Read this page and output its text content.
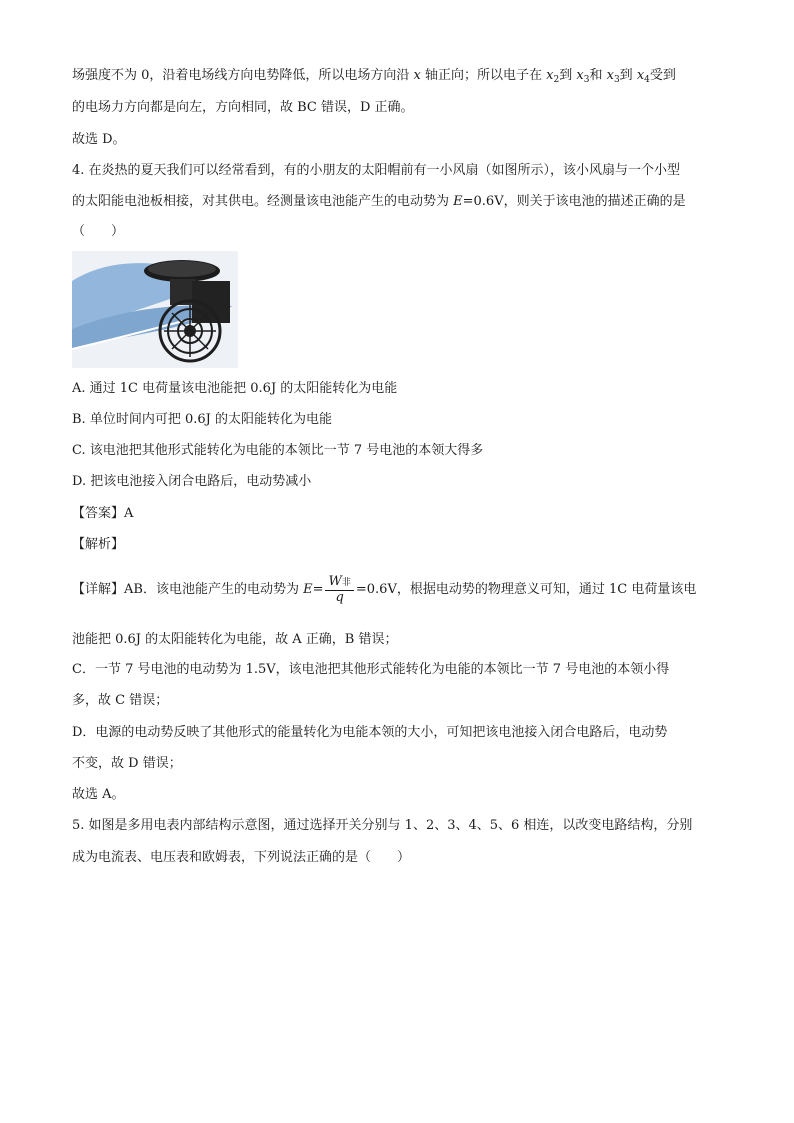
场强度不为 0，沿着电场线方向电势降低，所以电场方向沿 x 轴正向；所以电子在 $x_2$到 $x_3$和 $x_3$到 $x_4$受到
的电场力方向都是向左，方向相同，故 BC 错误，D 正确。
故选 D。
4. 在炎热的夏天我们可以经常看到，有的小朋友的太阳帽前有一小风扇（如图所示），该小风扇与一个小型
的太阳能电池板相接，对其供电。经测量该电池能产生的电动势为 E=0.6V，则关于该电池的描述正确的是
（　　）
A. 通过 1C 电荷量该电池能把 0.6J 的太阳能转化为电能
B. 单位时间内可把 0.6J 的太阳能转化为电能
C. 该电池把其他形式能转化为电能的本领比一节 7 号电池的本领大得多
D. 把该电池接入闭合电路后，电动势减小
【答案】A
【解析】
【详解】AB．该电池能产生的电动势为 $E= \frac{\text{W非}}{q} =0.6V$，根据电动势的物理意义可知，通过 1C 电荷量该电
池能把 0.6J 的太阳能转化为电能，故 A 正确，B 错误；
C．一节 7 号电池的电动势为 1.5V，该电池把其他形式能转化为电能的本领比一节 7 号电池的本领小得
多，故 C 错误；
D．电源的电动势反映了其他形式的能量转化为电能本领的大小，可知把该电池接入闭合电路后，电动势
不变，故 D 错误；
故选 A。
5. 如图是多用电表内部结构示意图，通过选择开关分别与 1、2、3、4、5、6 相连，以改变电路结构，分别
成为电流表、电压表和欧姆表，下列说法正确的是（　　）
